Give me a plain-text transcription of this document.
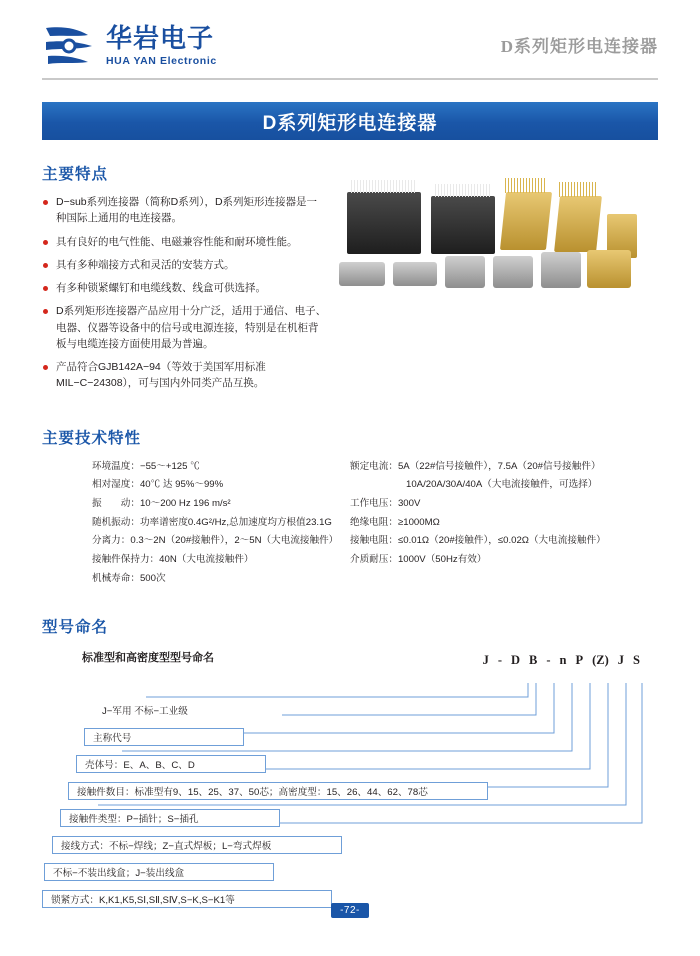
华岩电子
HUA YAN Electronic
D系列矩形电连接器
D系列矩形电连接器
主要特点
D−sub系列连接器（简称D系列），D系列矩形连接器是一种国际上通用的电连接器。
具有良好的电气性能、电磁兼容性能和耐环境性能。
具有多种端接方式和灵活的安装方式。
有多种锁紧螺钉和电缆线数、线盒可供选择。
D系列矩形连接器产品应用十分广泛，适用于通信、电子、电器、仪器等设备中的信号或电源连接，特别是在机柜背板与电缆连接方面使用最为普遍。
产品符合GJB142A−94（等效于美国军用标准MIL−C−24308），可与国内外同类产品互换。
主要技术特性
环境温度：−55～+125 ℃
相对湿度：40℃ 达 95%～99%
振　　动：10～200 Hz 196 m/s²
随机振动：功率谱密度0.4G²/Hz,总加速度均方根值23.1G
分离力：0.3～2N（20#接触件），2～5N（大电流接触件）
接触件保持力：40N（大电流接触件）
机械寿命：500次
额定电流：5A（22#信号接触件），7.5A（20#信号接触件）
10A/20A/30A/40A（大电流接触件，可选择）
工作电压：300V
绝缘电阻：≥1000MΩ
接触电阻：≤0.01Ω（20#接触件），≤0.02Ω（大电流接触件）
介质耐压：1000V（50Hz有效）
型号命名
标准型和高密度型型号命名	J - D B - n P (Z) J S
J−军用 不标−工业级
主称代号
壳体号：E、A、B、C、D
接触件数目：标准型有9、15、25、37、50芯；高密度型：15、26、44、62、78芯
接触件类型：P−插针；S−插孔
接线方式：不标−焊线；Z−直式焊板；L−弯式焊板
不标−不装出线盒；J−装出线盒
锁紧方式：K,K1,K5,SⅠ,SⅡ,SⅣ,S−K,S−K1等
-72-
